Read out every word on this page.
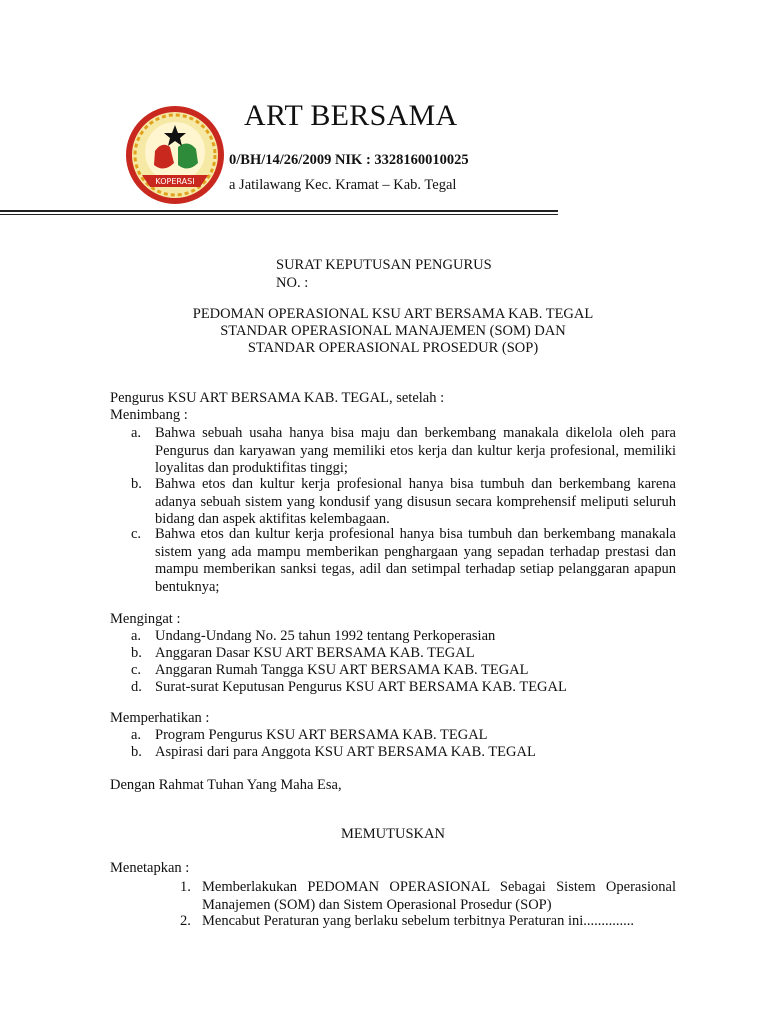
KOPERASI
ART BERSAMA
0/BH/14/26/2009 NIK : 3328160010025
a Jatilawang Kec. Kramat – Kab. Tegal
SURAT KEPUTUSAN PENGURUS
NO. :
PEDOMAN OPERASIONAL KSU ART BERSAMA KAB. TEGAL
STANDAR OPERASIONAL MANAJEMEN (SOM) DAN
STANDAR OPERASIONAL PROSEDUR (SOP)
Pengurus KSU ART BERSAMA KAB. TEGAL, setelah :
Menimbang :
a. Bahwa sebuah usaha hanya bisa maju dan berkembang manakala dikelola oleh para Pengurus dan karyawan yang memiliki etos kerja dan kultur kerja profesional, memiliki loyalitas dan produktifitas tinggi;
b. Bahwa etos dan kultur kerja profesional hanya bisa tumbuh dan berkembang karena adanya sebuah sistem yang kondusif yang disusun secara komprehensif meliputi seluruh bidang dan aspek aktifitas kelembagaan.
c. Bahwa etos dan kultur kerja profesional hanya bisa tumbuh dan berkembang manakala sistem yang ada mampu memberikan penghargaan yang sepadan terhadap prestasi dan mampu memberikan sanksi tegas, adil dan setimpal terhadap setiap pelanggaran apapun bentuknya;
Mengingat :
a. Undang-Undang No. 25 tahun 1992 tentang Perkoperasian
b. Anggaran Dasar KSU ART BERSAMA KAB. TEGAL
c. Anggaran Rumah Tangga KSU ART BERSAMA KAB. TEGAL
d. Surat-surat Keputusan Pengurus KSU ART BERSAMA KAB. TEGAL
Memperhatikan :
a. Program Pengurus KSU ART BERSAMA KAB. TEGAL
b. Aspirasi dari para Anggota KSU ART BERSAMA KAB. TEGAL
Dengan Rahmat Tuhan Yang Maha Esa,
MEMUTUSKAN
Menetapkan :
1. Memberlakukan PEDOMAN OPERASIONAL Sebagai Sistem Operasional Manajemen (SOM) dan Sistem Operasional Prosedur (SOP)
2. Mencabut Peraturan yang berlaku sebelum terbitnya Peraturan ini..............
